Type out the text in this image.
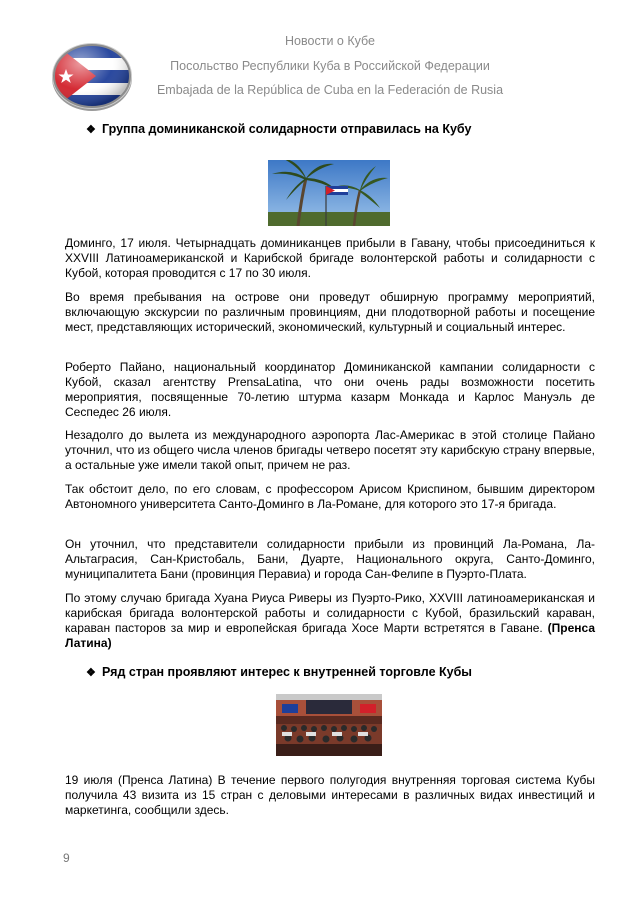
Новости о Кубе
Посольство Республики Куба в Российской Федерации
Embajada de la República de Cuba en la Federación de Rusia
❖ Группа доминиканской солидарности отправилась на Кубу
Доминго, 17 июля. Четырнадцать доминиканцев прибыли в Гавану, чтобы присоединиться к XXVIII Латиноамериканской и Карибской бригаде волонтерской работы и солидарности с Кубой, которая проводится с 17 по 30 июля.
Во время пребывания на острове они проведут обширную программу мероприятий, включающую экскурсии по различным провинциям, дни плодотворной работы и посещение мест, представляющих исторический, экономический, культурный и социальный интерес.
Роберто Пайано, национальный координатор Доминиканской кампании солидарности с Кубой, сказал агентству PrensaLatina, что они очень рады возможности посетить мероприятия, посвященные 70-летию штурма казарм Монкада и Карлос Мануэль де Сеспедес 26 июля.
Незадолго до вылета из международного аэропорта Лас-Америкас в этой столице Пайано уточнил, что из общего числа членов бригады четверо посетят эту карибскую страну впервые, а остальные уже имели такой опыт, причем не раз.
Так обстоит дело, по его словам, с профессором Арисом Криспином, бывшим директором Автономного университета Санто-Доминго в Ла-Романе, для которого это 17-я бригада.
Он уточнил, что представители солидарности прибыли из провинций Ла-Романа, Ла-Альтаграсия, Сан-Кристобаль, Бани, Дуарте, Национального округа, Санто-Доминго, муниципалитета Бани (провинция Перавиа) и города Сан-Фелипе в Пуэрто-Плата.
По этому случаю бригада Хуана Риуса Риверы из Пуэрто-Рико, XXVIII латиноамериканская и карибская бригада волонтерской работы и солидарности с Кубой, бразильский караван, караван пасторов за мир и европейская бригада Хосе Марти встретятся в Гаване. (Пренса Латина)
❖ Ряд стран проявляют интерес к внутренней торговле Кубы
19 июля (Пренса Латина) В течение первого полугодия внутренняя торговая система Кубы получила 43 визита из 15 стран с деловыми интересами в различных видах инвестиций и маркетинга, сообщили здесь.
9
